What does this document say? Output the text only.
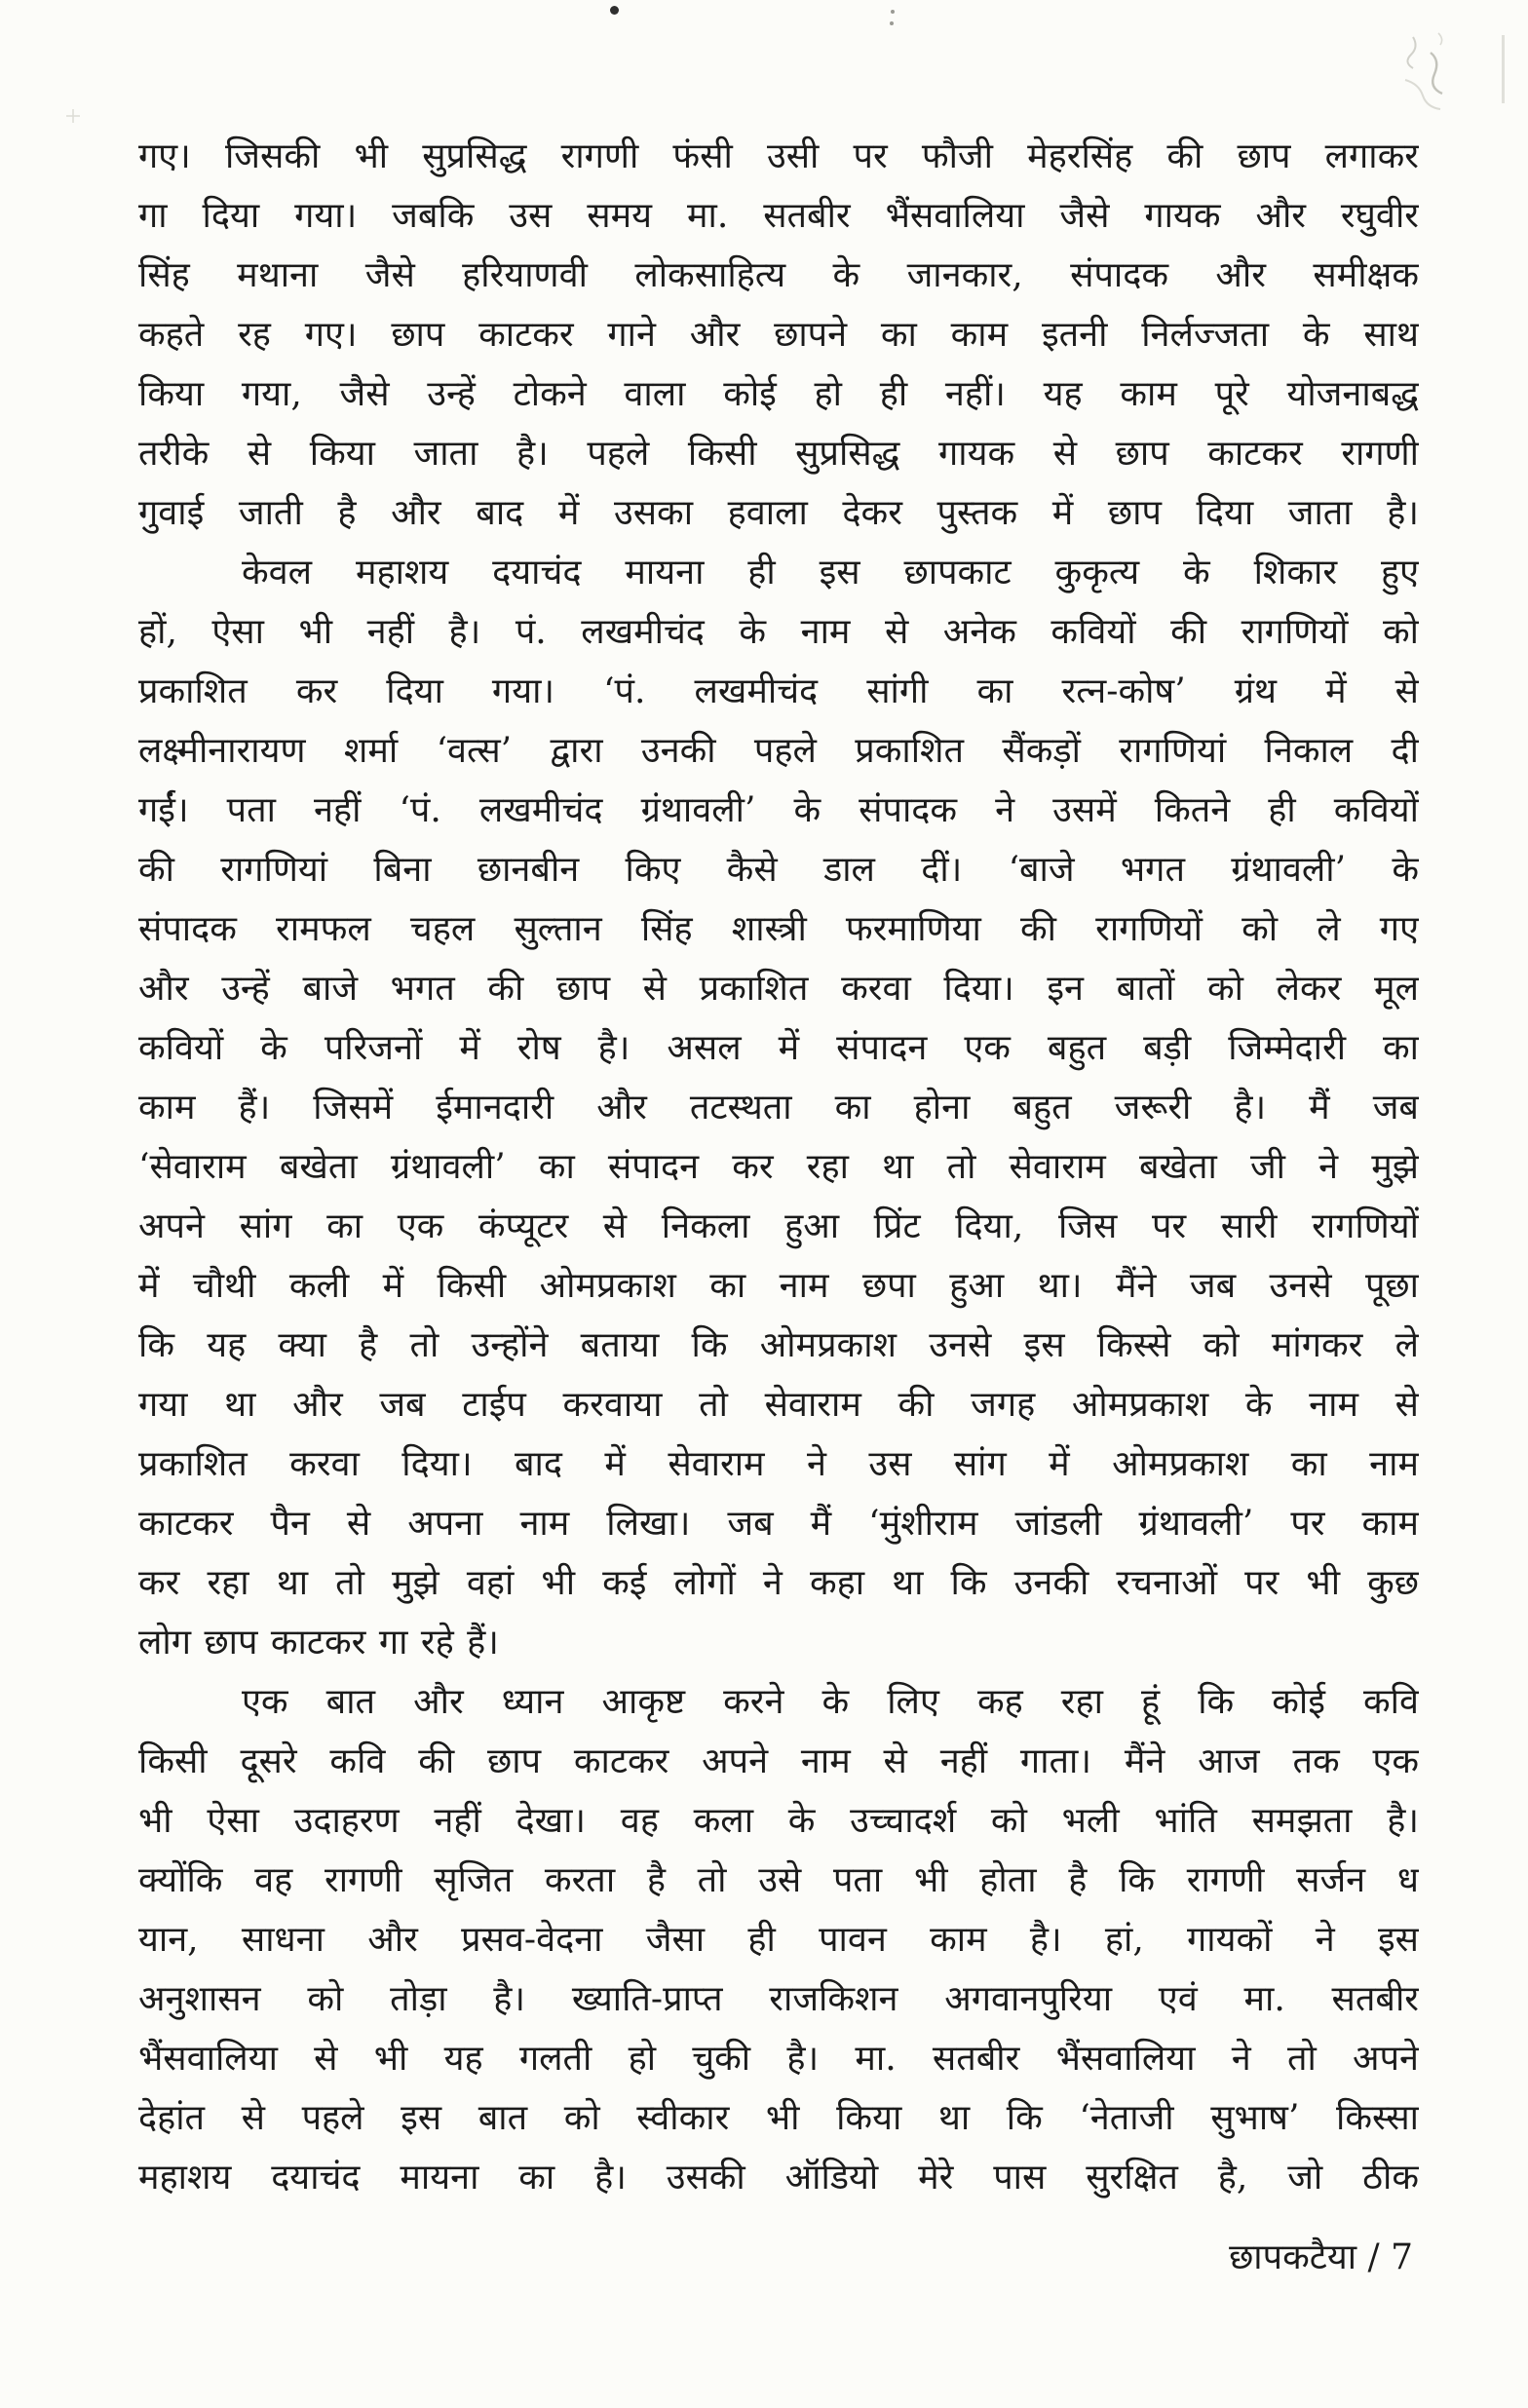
गए। जिसकी भी सुप्रसिद्ध रागणी फंसी उसी पर फौजी मेहरसिंह की छाप लगाकर
गा दिया गया। जबकि उस समय मा. सतबीर भैंसवालिया जैसे गायक और रघुवीर
सिंह मथाना जैसे हरियाणवी लोकसाहित्य के जानकार, संपादक और समीक्षक
कहते रह गए। छाप काटकर गाने और छापने का काम इतनी निर्लज्जता के साथ
किया गया, जैसे उन्हें टोकने वाला कोई हो ही नहीं। यह काम पूरे योजनाबद्ध
तरीके से किया जाता है। पहले किसी सुप्रसिद्ध गायक से छाप काटकर रागणी
गुवाई जाती है और बाद में उसका हवाला देकर पुस्तक में छाप दिया जाता है।

केवल महाशय दयाचंद मायना ही इस छापकाट कुकृत्य के शिकार हुए
हों, ऐसा भी नहीं है। पं. लखमीचंद के नाम से अनेक कवियों की रागणियों को
प्रकाशित कर दिया गया। ‘पं. लखमीचंद सांगी का रत्न-कोष’ ग्रंथ में से
लक्ष्मीनारायण शर्मा ‘वत्स’ द्वारा उनकी पहले प्रकाशित सैंकड़ों रागणियां निकाल दी
गईं। पता नहीं ‘पं. लखमीचंद ग्रंथावली’ के संपादक ने उसमें कितने ही कवियों
की रागणियां बिना छानबीन किए कैसे डाल दीं। ‘बाजे भगत ग्रंथावली’ के
संपादक रामफल चहल सुल्तान सिंह शास्त्री फरमाणिया की रागणियों को ले गए
और उन्हें बाजे भगत की छाप से प्रकाशित करवा दिया। इन बातों को लेकर मूल
कवियों के परिजनों में रोष है। असल में संपादन एक बहुत बड़ी जिम्मेदारी का
काम हैं। जिसमें ईमानदारी और तटस्थता का होना बहुत जरूरी है। मैं जब
‘सेवाराम बखेता ग्रंथावली’ का संपादन कर रहा था तो सेवाराम बखेता जी ने मुझे
अपने सांग का एक कंप्यूटर से निकला हुआ प्रिंट दिया, जिस पर सारी रागणियों
में चौथी कली में किसी ओमप्रकाश का नाम छपा हुआ था। मैंने जब उनसे पूछा
कि यह क्या है तो उन्होंने बताया कि ओमप्रकाश उनसे इस किस्से को मांगकर ले
गया था और जब टाईप करवाया तो सेवाराम की जगह ओमप्रकाश के नाम से
प्रकाशित करवा दिया। बाद में सेवाराम ने उस सांग में ओमप्रकाश का नाम
काटकर पैन से अपना नाम लिखा। जब मैं ‘मुंशीराम जांडली ग्रंथावली’ पर काम
कर रहा था तो मुझे वहां भी कई लोगों ने कहा था कि उनकी रचनाओं पर भी कुछ
लोग छाप काटकर गा रहे हैं।

एक बात और ध्यान आकृष्ट करने के लिए कह रहा हूं कि कोई कवि
किसी दूसरे कवि की छाप काटकर अपने नाम से नहीं गाता। मैंने आज तक एक
भी ऐसा उदाहरण नहीं देखा। वह कला के उच्चादर्श को भली भांति समझता है।
क्योंकि वह रागणी सृजित करता है तो उसे पता भी होता है कि रागणी सर्जन ध
यान, साधना और प्रसव-वेदना जैसा ही पावन काम है। हां, गायकों ने इस
अनुशासन को तोड़ा है। ख्याति-प्राप्त राजकिशन अगवानपुरिया एवं मा. सतबीर
भैंसवालिया से भी यह गलती हो चुकी है। मा. सतबीर भैंसवालिया ने तो अपने
देहांत से पहले इस बात को स्वीकार भी किया था कि ‘नेताजी सुभाष’ किस्सा
महाशय दयाचंद मायना का है। उसकी ऑडियो मेरे पास सुरक्षित है, जो ठीक

छापकटैया / 7
